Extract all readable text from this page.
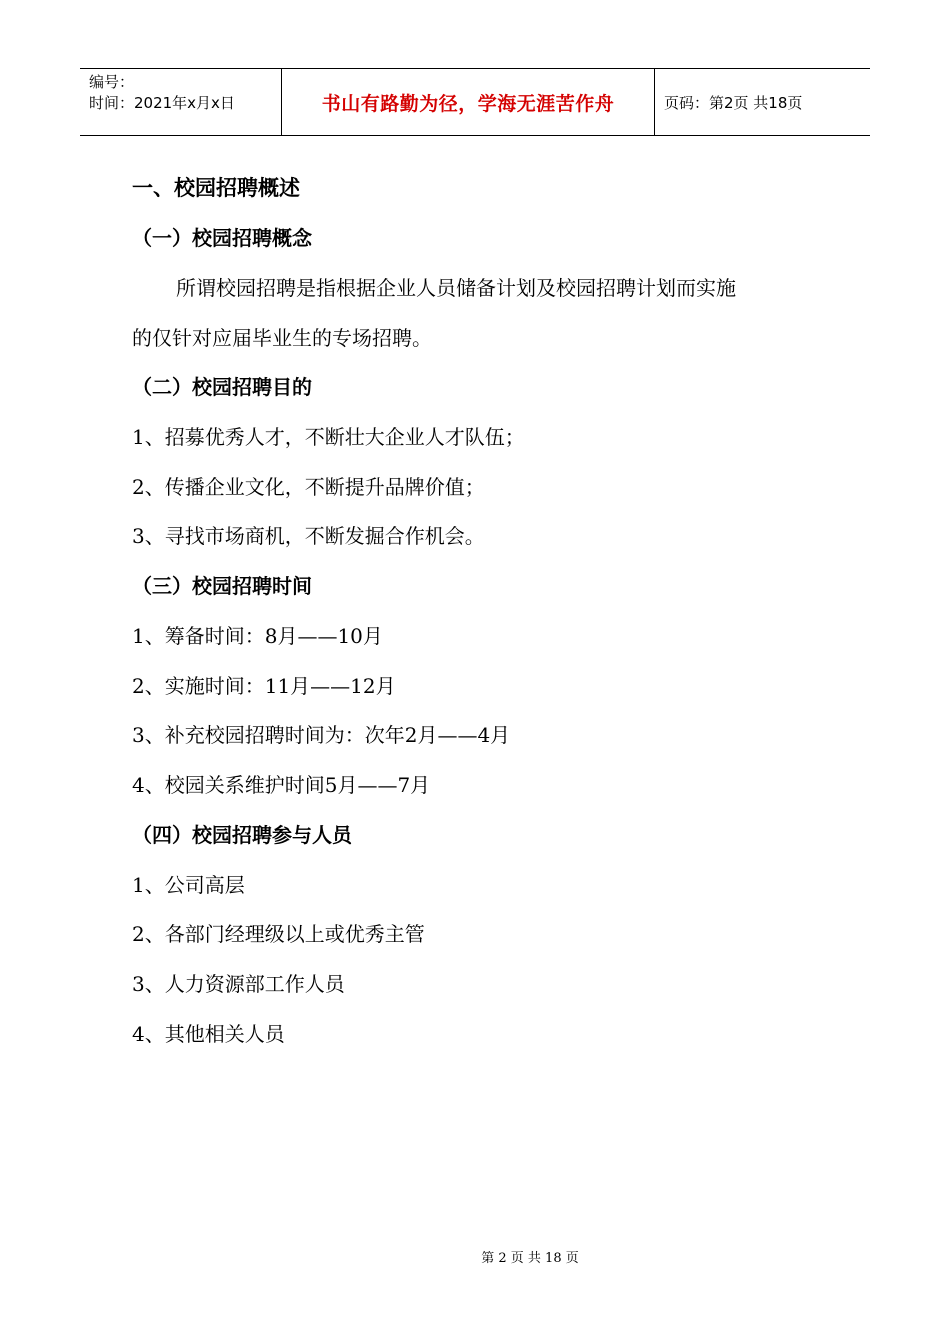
编号：
时间：2021年x月x日	书山有路勤为径，学海无涯苦作舟	页码：第2页 共18页
一、校园招聘概述
（一）校园招聘概念
所谓校园招聘是指根据企业人员储备计划及校园招聘计划而实施
的仅针对应届毕业生的专场招聘。
（二）校园招聘目的
1、招募优秀人才，不断壮大企业人才队伍；
2、传播企业文化，不断提升品牌价值；
3、寻找市场商机，不断发掘合作机会。
（三）校园招聘时间
1、筹备时间：8月——10月
2、实施时间：11月——12月
3、补充校园招聘时间为：次年2月——4月
4、校园关系维护时间5月——7月
（四）校园招聘参与人员
1、公司高层
2、各部门经理级以上或优秀主管
3、人力资源部工作人员
4、其他相关人员
第 2 页 共 18 页
